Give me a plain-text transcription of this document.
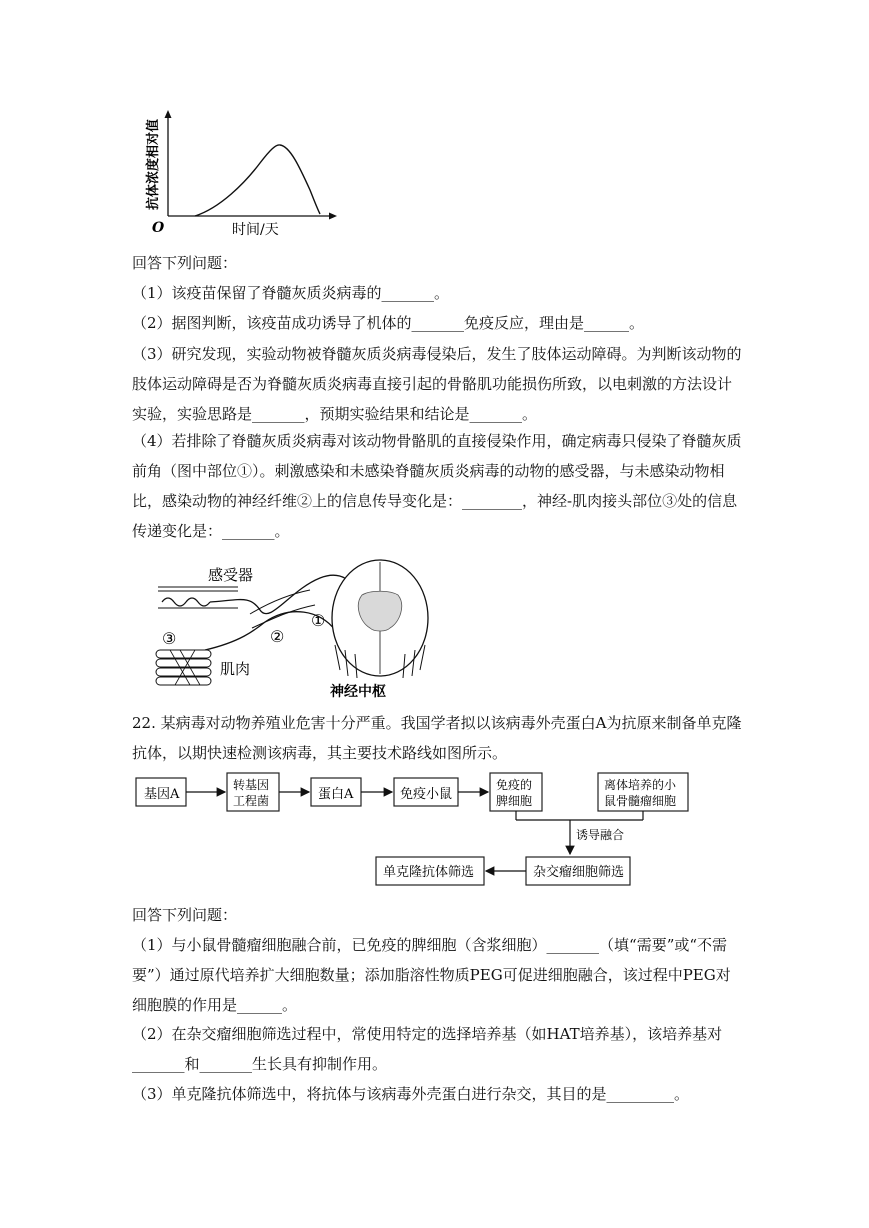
O	时间/天
抗体浓度相对值
回答下列问题：
（1）该疫苗保留了脊髓灰质炎病毒的_______。
（2）据图判断，该疫苗成功诱导了机体的_______免疫反应，理由是______。
（3）研究发现，实验动物被脊髓灰质炎病毒侵染后，发生了肢体运动障碍。为判断该动物的肢体运动障碍是否为脊髓灰质炎病毒直接引起的骨骼肌功能损伤所致，以电刺激的方法设计实验，实验思路是_______，预期实验结果和结论是_______。
（4）若排除了脊髓灰质炎病毒对该动物骨骼肌的直接侵染作用，确定病毒只侵染了脊髓灰质前角（图中部位①）。刺激感染和未感染脊髓灰质炎病毒的动物的感受器，与未感染动物相比，感染动物的神经纤维②上的信息传导变化是：________，神经-肌肉接头部位③处的信息传递变化是：_______。
感受器
①
②
③
肌肉
神经中枢
22. 某病毒对动物养殖业危害十分严重。我国学者拟以该病毒外壳蛋白A为抗原来制备单克隆抗体，以期快速检测该病毒，其主要技术路线如图所示。
基因A
转基因
工程菌	蛋白A	免疫小鼠
免疫的
脾细胞
离体培养的小
鼠骨髓瘤细胞
诱导融合
杂交瘤细胞筛选
单克隆抗体筛选
回答下列问题：
（1）与小鼠骨髓瘤细胞融合前，已免疫的脾细胞（含浆细胞）_______（填“需要”或“不需要”）通过原代培养扩大细胞数量；添加脂溶性物质PEG可促进细胞融合，该过程中PEG对细胞膜的作用是______。
（2）在杂交瘤细胞筛选过程中，常使用特定的选择培养基（如HAT培养基），该培养基对_______和_______生长具有抑制作用。
（3）单克隆抗体筛选中，将抗体与该病毒外壳蛋白进行杂交，其目的是_________。
